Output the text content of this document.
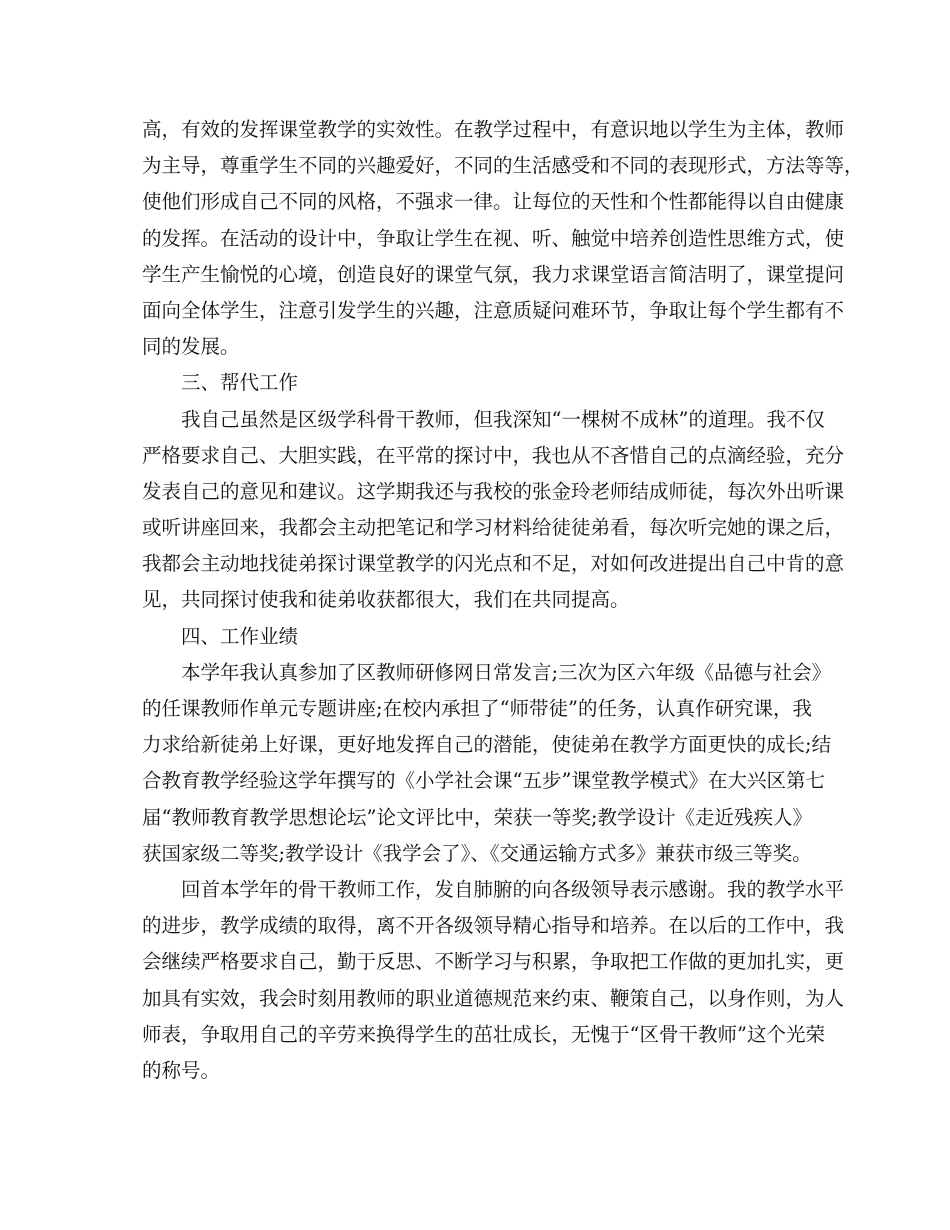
高，有效的发挥课堂教学的实效性。在教学过程中，有意识地以学生为主体，教师
为主导，尊重学生不同的兴趣爱好，不同的生活感受和不同的表现形式，方法等等，
使他们形成自己不同的风格，不强求一律。让每位的天性和个性都能得以自由健康
的发挥。在活动的设计中，争取让学生在视、听、触觉中培养创造性思维方式，使
学生产生愉悦的心境，创造良好的课堂气氛，我力求课堂语言简洁明了，课堂提问
面向全体学生，注意引发学生的兴趣，注意质疑问难环节，争取让每个学生都有不
同的发展。
三、帮代工作
我自己虽然是区级学科骨干教师，但我深知“一棵树不成林”的道理。我不仅
严格要求自己、大胆实践，在平常的探讨中，我也从不吝惜自己的点滴经验，充分
发表自己的意见和建议。这学期我还与我校的张金玲老师结成师徒，每次外出听课
或听讲座回来，我都会主动把笔记和学习材料给徒徒弟看，每次听完她的课之后，
我都会主动地找徒弟探讨课堂教学的闪光点和不足，对如何改进提出自己中肯的意
见，共同探讨使我和徒弟收获都很大，我们在共同提高。
四、工作业绩
本学年我认真参加了区教师研修网日常发言;三次为区六年级《品德与社会》
的任课教师作单元专题讲座;在校内承担了“师带徒”的任务，认真作研究课，我
力求给新徒弟上好课，更好地发挥自己的潜能，使徒弟在教学方面更快的成长;结
合教育教学经验这学年撰写的《小学社会课“五步”课堂教学模式》在大兴区第七
届“教师教育教学思想论坛”论文评比中，荣获一等奖;教学设计《走近残疾人》
获国家级二等奖;教学设计《我学会了》、《交通运输方式多》兼获市级三等奖。
回首本学年的骨干教师工作，发自肺腑的向各级领导表示感谢。我的教学水平
的进步，教学成绩的取得，离不开各级领导精心指导和培养。在以后的工作中，我
会继续严格要求自己，勤于反思、不断学习与积累，争取把工作做的更加扎实，更
加具有实效，我会时刻用教师的职业道德规范来约束、鞭策自己，以身作则，为人
师表，争取用自己的辛劳来换得学生的茁壮成长，无愧于“区骨干教师”这个光荣
的称号。
